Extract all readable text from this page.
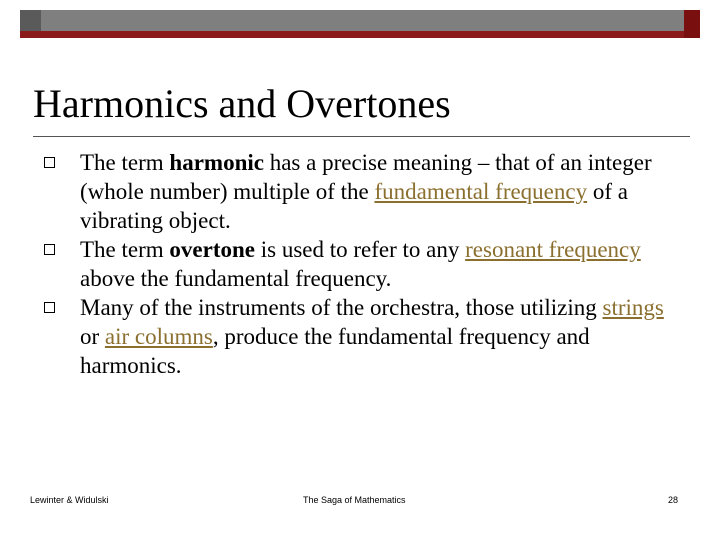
Harmonics and Overtones
The term harmonic has a precise meaning – that of an integer (whole number) multiple of the fundamental frequency of a vibrating object.
The term overtone is used to refer to any resonant frequency above the fundamental frequency.
Many of the instruments of the orchestra, those utilizing strings or air columns, produce the fundamental frequency and harmonics.
Lewinter & Widulski	The Saga of Mathematics	28
